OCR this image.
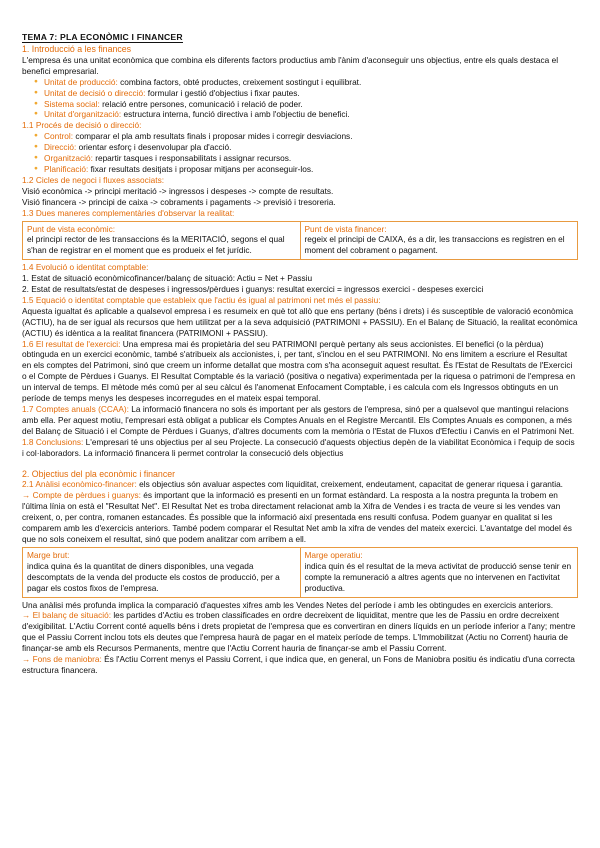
TEMA 7: PLA ECONÒMIC I FINANCER
1. Introducció a les finances

L'empresa és una unitat econòmica que combina els diferents factors productius amb l'ànim d'aconseguir uns objectius, entre els quals destaca el benefici empresarial.

● Unitat de producció: combina factors, obté productes, creixement sostingut i equilibrat.
● Unitat de decisió o direcció: formular i gestió d'objectius i fixar pautes.
● Sistema social: relació entre persones, comunicació i relació de poder.
● Unitat d'organització: estructura interna, funció directiva i amb l'objectiu de benefici.
1.1 Procés de decisió o direcció:
● Control: comparar el pla amb resultats finals i proposar mides i corregir desviacions.
● Direcció: orientar esforç i desenvolupar pla d'acció.
● Organització: repartir tasques i responsabilitats i assignar recursos.
● Planificació: fixar resultats desitjats i proposar mitjans per aconseguir-los.
1.2 Cicles de negoci i fluxes associats:

Visió econòmica -> principi meritació -> ingressos i despeses -> compte de resultats.

Visió financera -> principi de caixa -> cobraments i pagaments -> previsió i tresoreria.

1.3 Dues maneres complementàries d'observar la realitat:
Punt de vista econòmic:
el principi rector de les transaccions és la MERITACIÓ, segons el qual s'han de registrar en el moment que es produeix el fet jurídic.
Punt de vista financer:
regeix el principi de CAIXA, és a dir, les transaccions es registren en el moment del cobrament o pagament.
1.4 Evolució o identitat comptable:

1. Estat de situació econòmicofinancer/balanç de situació: Actiu = Net + Passiu

2. Estat de resultats/estat de despeses i ingressos/pèrdues i guanys: resultat exercici = ingressos exercici - despeses exercici

1.5 Equació o identitat comptable que estableix que l'actiu és igual al patrimoni net més el passiu:

Aquesta igualtat és aplicable a qualsevol empresa i es resumeix en què tot allò que ens pertany (béns i drets) i és susceptible de valoració econòmica (ACTIU), ha de ser igual als recursos que hem utilitzat per a la seva adquisició (PATRIMONI + PASSIU). En el Balanç de Situació, la realitat econòmica (ACTIU) és idèntica a la realitat financera (PATRIMONI + PASSIU).

1.6 El resultat de l'exercici: Una empresa mai és propietària del seu PATRIMONI perquè pertany als seus accionistes. El benefici (o la pèrdua) obtinguda en un exercici econòmic, també s'atribueix als accionistes, i, per tant, s'inclou en el seu PATRIMONI. No ens limitem a escriure el Resultat en els comptes del Patrimoni, sinó que creem un informe detallat que mostra com s'ha aconseguit aquest resultat. És l'Estat de Resultats de l'Exercici o el Compte de Pèrdues i Guanys. El Resultat Comptable és la variació (positiva o negativa) experimentada per la riquesa o patrimoni de l'empresa en un interval de temps. El mètode més comú per al seu càlcul és l'anomenat Enfocament Comptable, i es calcula com els Ingressos obtinguts en un període de temps menys les despeses incorregudes en el mateix espai temporal.

1.7 Comptes anuals (CCAA): La informació financera no sols és important per als gestors de l'empresa, sinó per a qualsevol que mantingui relacions amb ella. Per aquest motiu, l'empresari està obligat a publicar els Comptes Anuals en el Registre Mercantil. Els Comptes Anuals es componen, a més del Balanç de Situació i el Compte de Pèrdues i Guanys, d'altres documents com la memòria o l'Estat de Fluxos d'Efectiu i Canvis en el Patrimoni Net.

1.8 Conclusions: L'empresari té uns objectius per al seu Projecte. La consecució d'aquests objectius depèn de la viabilitat Econòmica i l'equip de socis i col·laboradors. La informació financera li permet controlar la consecució dels objectius

2. Objectius del pla econòmic i financer

2.1 Anàlisi econòmico-financer: els objectius són avaluar aspectes com liquiditat, creixement, endeutament, capacitat de generar riquesa i garantia.

→ Compte de pèrdues i guanys: és important que la informació es presenti en un format estàndard. La resposta a la nostra pregunta la trobem en l'última línia on està el "Resultat Net". El Resultat Net es troba directament relacionat amb la Xifra de Vendes i es tracta de veure si les vendes van creixent, o, per contra, romanen estancades. És possible que la informació així presentada ens resulti confusa. Podem guanyar en qualitat si les comparem amb les d'exercicis anteriors. També podem comparar el Resultat Net amb la xifra de vendes del mateix exercici. L'avantatge del model és que no sols coneixem el resultat, sinó que podem analitzar com arribem a ell.

Marge brut:
indica quina és la quantitat de diners disponibles, una vegada descomptats de la venda del producte els costos de producció, per a pagar els costos fixos de l'empresa.
Marge operatiu:
indica quin és el resultat de la meva activitat de producció sense tenir en compte la remuneració a altres agents que no intervenen en l'activitat productiva.

Una anàlisi més profunda implica la comparació d'aquestes xifres amb les Vendes Netes del període i amb les obtingudes en exercicis anteriors.

→ El balanç de situació: les partides d'Actiu es troben classificades en ordre decreixent de liquiditat, mentre que les de Passiu en ordre decreixent d'exigibilitat. L'Actiu Corrent conté aquells béns i drets propietat de l'empresa que es convertiran en diners líquids en un període inferior a l'any; mentre que el Passiu Corrent inclou tots els deutes que l'empresa haurà de pagar en el mateix període de temps. L'Immobilitzat (Actiu no Corrent) hauria de finançar-se amb els Recursos Permanents, mentre que l'Actiu Corrent hauria de finançar-se amb el Passiu Corrent.

→ Fons de maniobra: És l'Actiu Corrent menys el Passiu Corrent, i que indica que, en general, un Fons de Maniobra positiu és indicatiu d'una correcta estructura financera.
